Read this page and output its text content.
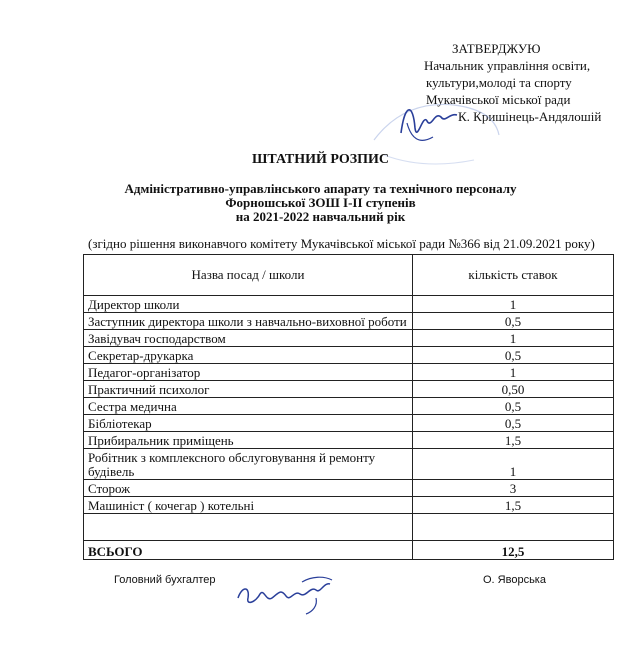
ЗАТВЕРДЖУЮ
Начальник управління освіти,
культури,молоді та спорту
Мукачівської міської ради
К. Кришінець-Андялошій
ШТАТНИЙ РОЗПИС
Адміністративно-управлінського апарату та технічного персоналу
Форношської ЗОШ І-ІІ ступенів
на 2021-2022 навчальний рік
(згідно рішення виконавчого комітету Мукачівської міської ради №366 від 21.09.2021 року)
Назва посад / школи	кількість ставок
Директор школи	1
Заступник директора школи з навчально-виховної роботи	0,5
Завідувач господарством	1
Секретар-друкарка	0,5
Педагог-організатор	1
Практичний психолог	0,50
Сестра медична	0,5
Бібліотекар	0,5
Прибиральник приміщень	1,5
Робітник з комплексного обслуговування й ремонту будівель	1
Сторож	3
Машиніст ( кочегар ) котельні	1,5

ВСЬОГО	12,5
Головний бухгалтер	О. Яворська
